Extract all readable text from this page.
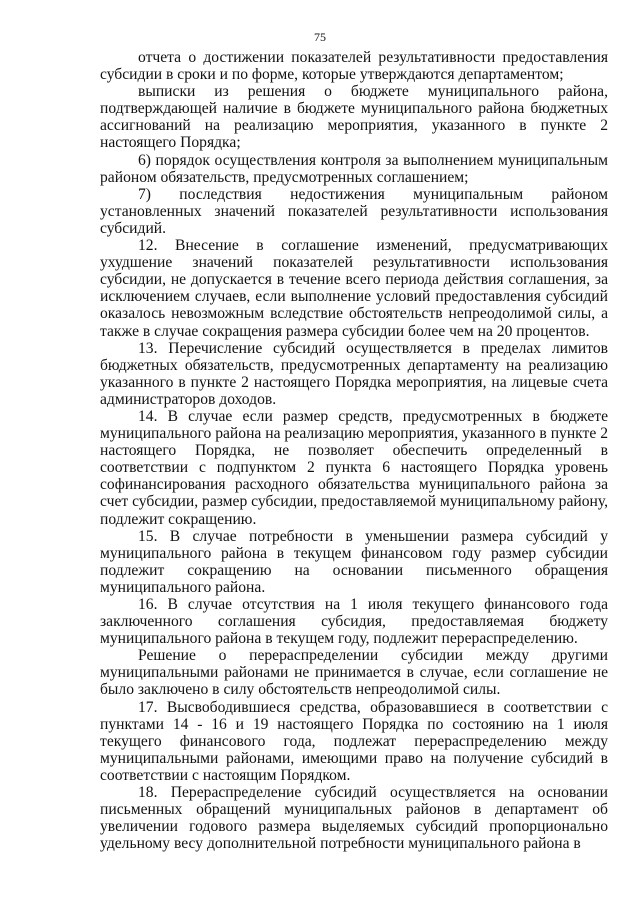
75

отчета о достижении показателей результативности предоставления субсидии в сроки и по форме, которые утверждаются департаментом;

выписки из решения о бюджете муниципального района, подтверждающей наличие в бюджете муниципального района бюджетных ассигнований на реализацию мероприятия, указанного в пункте 2 настоящего Порядка;

6) порядок осуществления контроля за выполнением муниципальным районом обязательств, предусмотренных соглашением;

7) последствия недостижения муниципальным районом установленных значений показателей результативности использования субсидий.

12. Внесение в соглашение изменений, предусматривающих ухудшение значений показателей результативности использования субсидии, не допускается в течение всего периода действия соглашения, за исключением случаев, если выполнение условий предоставления субсидий оказалось невозможным вследствие обстоятельств непреодолимой силы, а также в случае сокращения размера субсидии более чем на 20 процентов.

13. Перечисление субсидий осуществляется в пределах лимитов бюджетных обязательств, предусмотренных департаменту на реализацию указанного в пункте 2 настоящего Порядка мероприятия, на лицевые счета администраторов доходов.

14. В случае если размер средств, предусмотренных в бюджете муниципального района на реализацию мероприятия, указанного в пункте 2 настоящего Порядка, не позволяет обеспечить определенный в соответствии с подпунктом 2 пункта 6 настоящего Порядка уровень софинансирования расходного обязательства муниципального района за счет субсидии, размер субсидии, предоставляемой муниципальному району, подлежит сокращению.

15. В случае потребности в уменьшении размера субсидий у муниципального района в текущем финансовом году размер субсидии подлежит сокращению на основании письменного обращения муниципального района.

16. В случае отсутствия на 1 июля текущего финансового года заключенного соглашения субсидия, предоставляемая бюджету муниципального района в текущем году, подлежит перераспределению.

Решение о перераспределении субсидии между другими муниципальными районами не принимается в случае, если соглашение не было заключено в силу обстоятельств непреодолимой силы.

17. Высвободившиеся средства, образовавшиеся в соответствии с пунктами 14 - 16 и 19 настоящего Порядка по состоянию на 1 июля текущего финансового года, подлежат перераспределению между муниципальными районами, имеющими право на получение субсидий в соответствии с настоящим Порядком.

18. Перераспределение субсидий осуществляется на основании письменных обращений муниципальных районов в департамент об увеличении годового размера выделяемых субсидий пропорционально удельному весу дополнительной потребности муниципального района в
